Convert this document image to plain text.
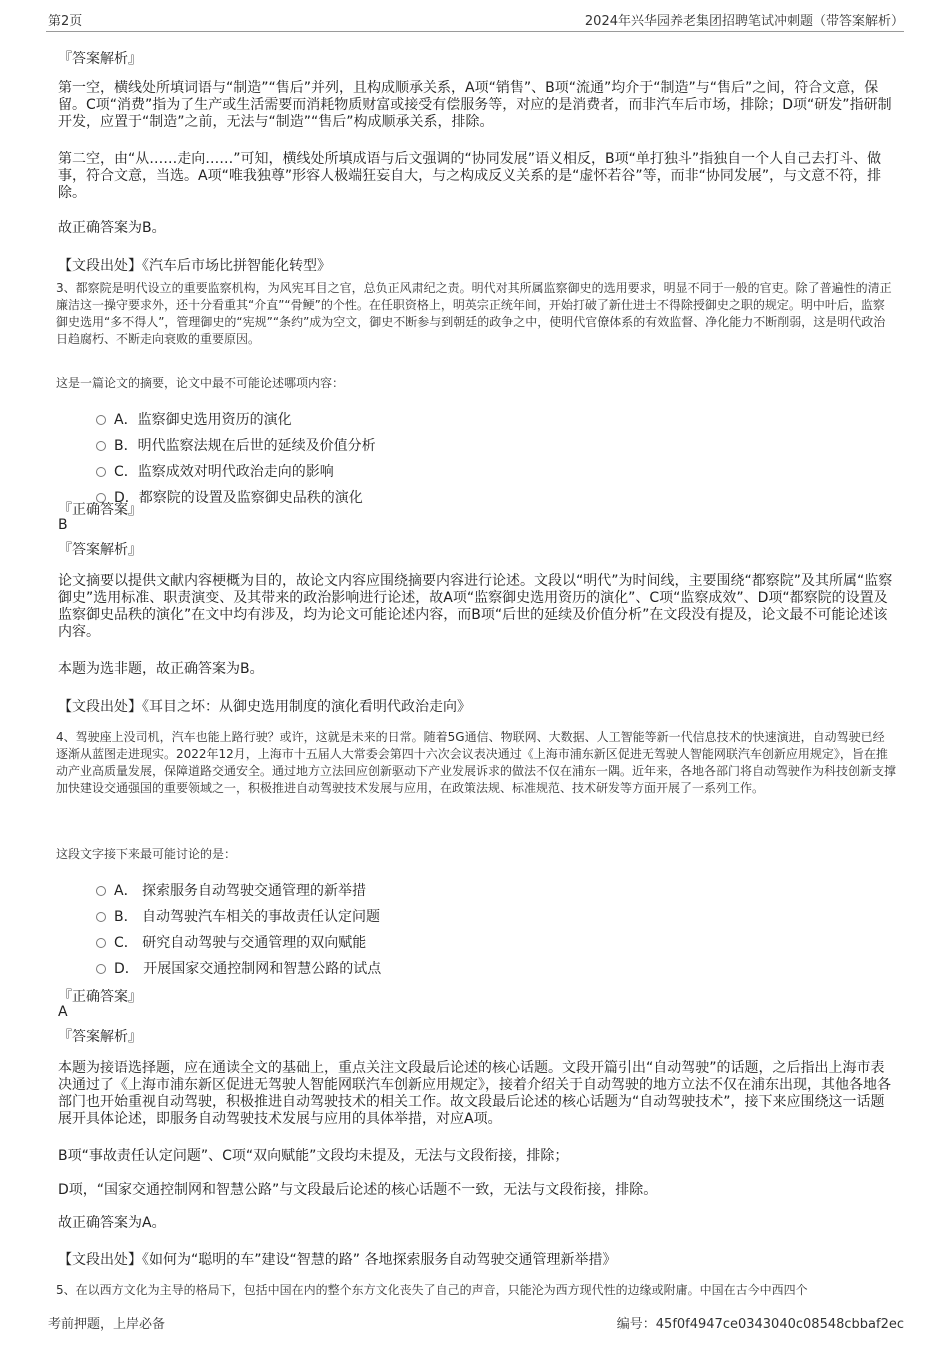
第2页	2024年兴华园养老集团招聘笔试冲刺题（带答案解析）
『答案解析』
第一空，横线处所填词语与“制造”“售后”并列，且构成顺承关系，A项“销售”、B项“流通”均介于“制造”与“售后”之间，符合文意，保留。C项“消费”指为了生产或生活需要而消耗物质财富或接受有偿服务等，对应的是消费者，而非汽车后市场，排除；D项“研发”指研制开发，应置于“制造”之前，无法与“制造”“售后”构成顺承关系，排除。
第二空，由“从……走向……”可知，横线处所填成语与后文强调的“协同发展”语义相反，B项“单打独斗”指独自一个人自己去打斗、做事，符合文意，当选。A项“唯我独尊”形容人极端狂妄自大，与之构成反义关系的是“虚怀若谷”等，而非“协同发展”，与文意不符，排除。
故正确答案为B。
【文段出处】《汽车后市场比拼智能化转型》
3、都察院是明代设立的重要监察机构，为风宪耳目之官，总负正风肃纪之责。明代对其所属监察御史的选用要求，明显不同于一般的官吏。除了普遍性的清正廉洁这一操守要求外，还十分看重其“介直”“骨鲠”的个性。在任职资格上，明英宗正统年间，开始打破了新仕进士不得除授御史之职的规定。明中叶后，监察御史选用“多不得人”，管理御史的“宪规”“条约”成为空文，御史不断参与到朝廷的政争之中，使明代官僚体系的有效监督、净化能力不断削弱，这是明代政治日趋腐朽、不断走向衰败的重要原因。
这是一篇论文的摘要，论文中最不可能论述哪项内容：
A．监察御史选用资历的演化
B．明代监察法规在后世的延续及价值分析
C．监察成效对明代政治走向的影响
D．都察院的设置及监察御史品秩的演化
『正确答案』
B
『答案解析』
论文摘要以提供文献内容梗概为目的，故论文内容应围绕摘要内容进行论述。文段以“明代”为时间线，主要围绕“都察院”及其所属“监察御史”选用标准、职责演变、及其带来的政治影响进行论述，故A项“监察御史选用资历的演化”、C项“监察成效”、D项“都察院的设置及监察御史品秩的演化”在文中均有涉及，均为论文可能论述内容，而B项“后世的延续及价值分析”在文段没有提及，论文最不可能论述该内容。
本题为选非题，故正确答案为B。
【文段出处】《耳目之坏：从御史选用制度的演化看明代政治走向》
4、驾驶座上没司机，汽车也能上路行驶？或许，这就是未来的日常。随着5G通信、物联网、大数据、人工智能等新一代信息技术的快速演进，自动驾驶已经逐渐从蓝图走进现实。2022年12月，上海市十五届人大常委会第四十六次会议表决通过《上海市浦东新区促进无驾驶人智能网联汽车创新应用规定》，旨在推动产业高质量发展，保障道路交通安全。通过地方立法回应创新驱动下产业发展诉求的做法不仅在浦东一隅。近年来，各地各部门将自动驾驶作为科技创新支撑加快建设交通强国的重要领域之一，积极推进自动驾驶技术发展与应用，在政策法规、标准规范、技术研发等方面开展了一系列工作。
这段文字接下来最可能讨论的是：
A． 探索服务自动驾驶交通管理的新举措
B． 自动驾驶汽车相关的事故责任认定问题
C． 研究自动驾驶与交通管理的双向赋能
D． 开展国家交通控制网和智慧公路的试点
『正确答案』
A
『答案解析』
本题为接语选择题，应在通读全文的基础上，重点关注文段最后论述的核心话题。文段开篇引出“自动驾驶”的话题，之后指出上海市表决通过了《上海市浦东新区促进无驾驶人智能网联汽车创新应用规定》，接着介绍关于自动驾驶的地方立法不仅在浦东出现，其他各地各部门也开始重视自动驾驶，积极推进自动驾驶技术的相关工作。故文段最后论述的核心话题为“自动驾驶技术”，接下来应围绕这一话题展开具体论述，即服务自动驾驶技术发展与应用的具体举措，对应A项。
B项“事故责任认定问题”、C项“双向赋能”文段均未提及，无法与文段衔接，排除；
D项，“国家交通控制网和智慧公路”与文段最后论述的核心话题不一致，无法与文段衔接，排除。
故正确答案为A。
【文段出处】《如何为“聪明的车”建设“智慧的路” 各地探索服务自动驾驶交通管理新举措》
5、在以西方文化为主导的格局下，包括中国在内的整个东方文化丧失了自己的声音，只能沦为西方现代性的边缘或附庸。中国在古今中西四个
考前押题，上岸必备	编号：45f0f4947ce0343040c08548cbbaf2ec
